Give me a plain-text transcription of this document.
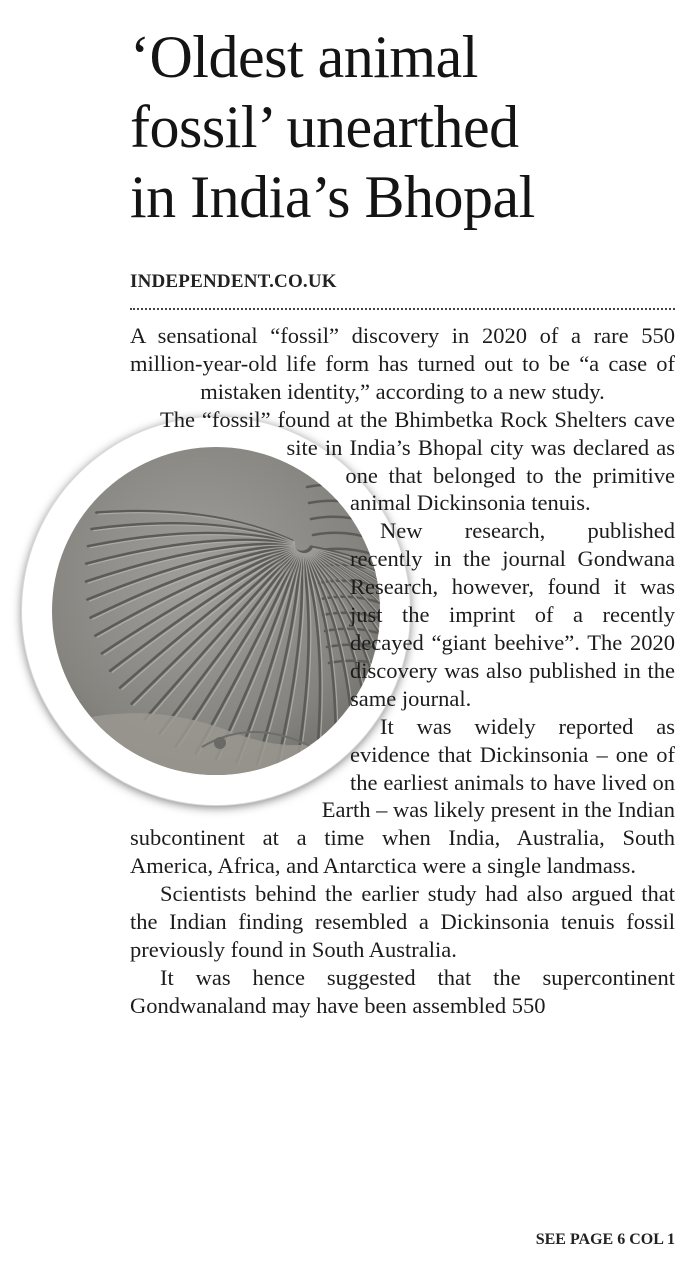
‘Oldest animal
fossil’ unearthed
in India’s Bhopal
INDEPENDENT.CO.UK

A sensational “fossil” discovery in 2020 of a rare 550 million-year-old life form has turned out to be “a case of mistaken identity,” according to a new study.

The “fossil” found at the Bhimbetka Rock Shelters cave site in India’s Bhopal city was declared as one that belonged to the primitive animal Dickinsonia tenuis.

New research, published recently in the journal Gondwana Research, however, found it was just the imprint of a recently decayed “giant beehive”. The 2020 discovery was also published in the same journal.

It was widely reported as evidence that Dickinsonia – one of the earliest animals to have lived on Earth – was likely present in the Indian subcontinent at a time when India, Australia, South America, Africa, and Antarctica were a single landmass.

Scientists behind the earlier study had also argued that the Indian finding resembled a Dickinsonia tenuis fossil previously found in South Australia.

It was hence suggested that the supercontinent Gondwanaland may have been assembled 550

SEE PAGE 6 COL 1
